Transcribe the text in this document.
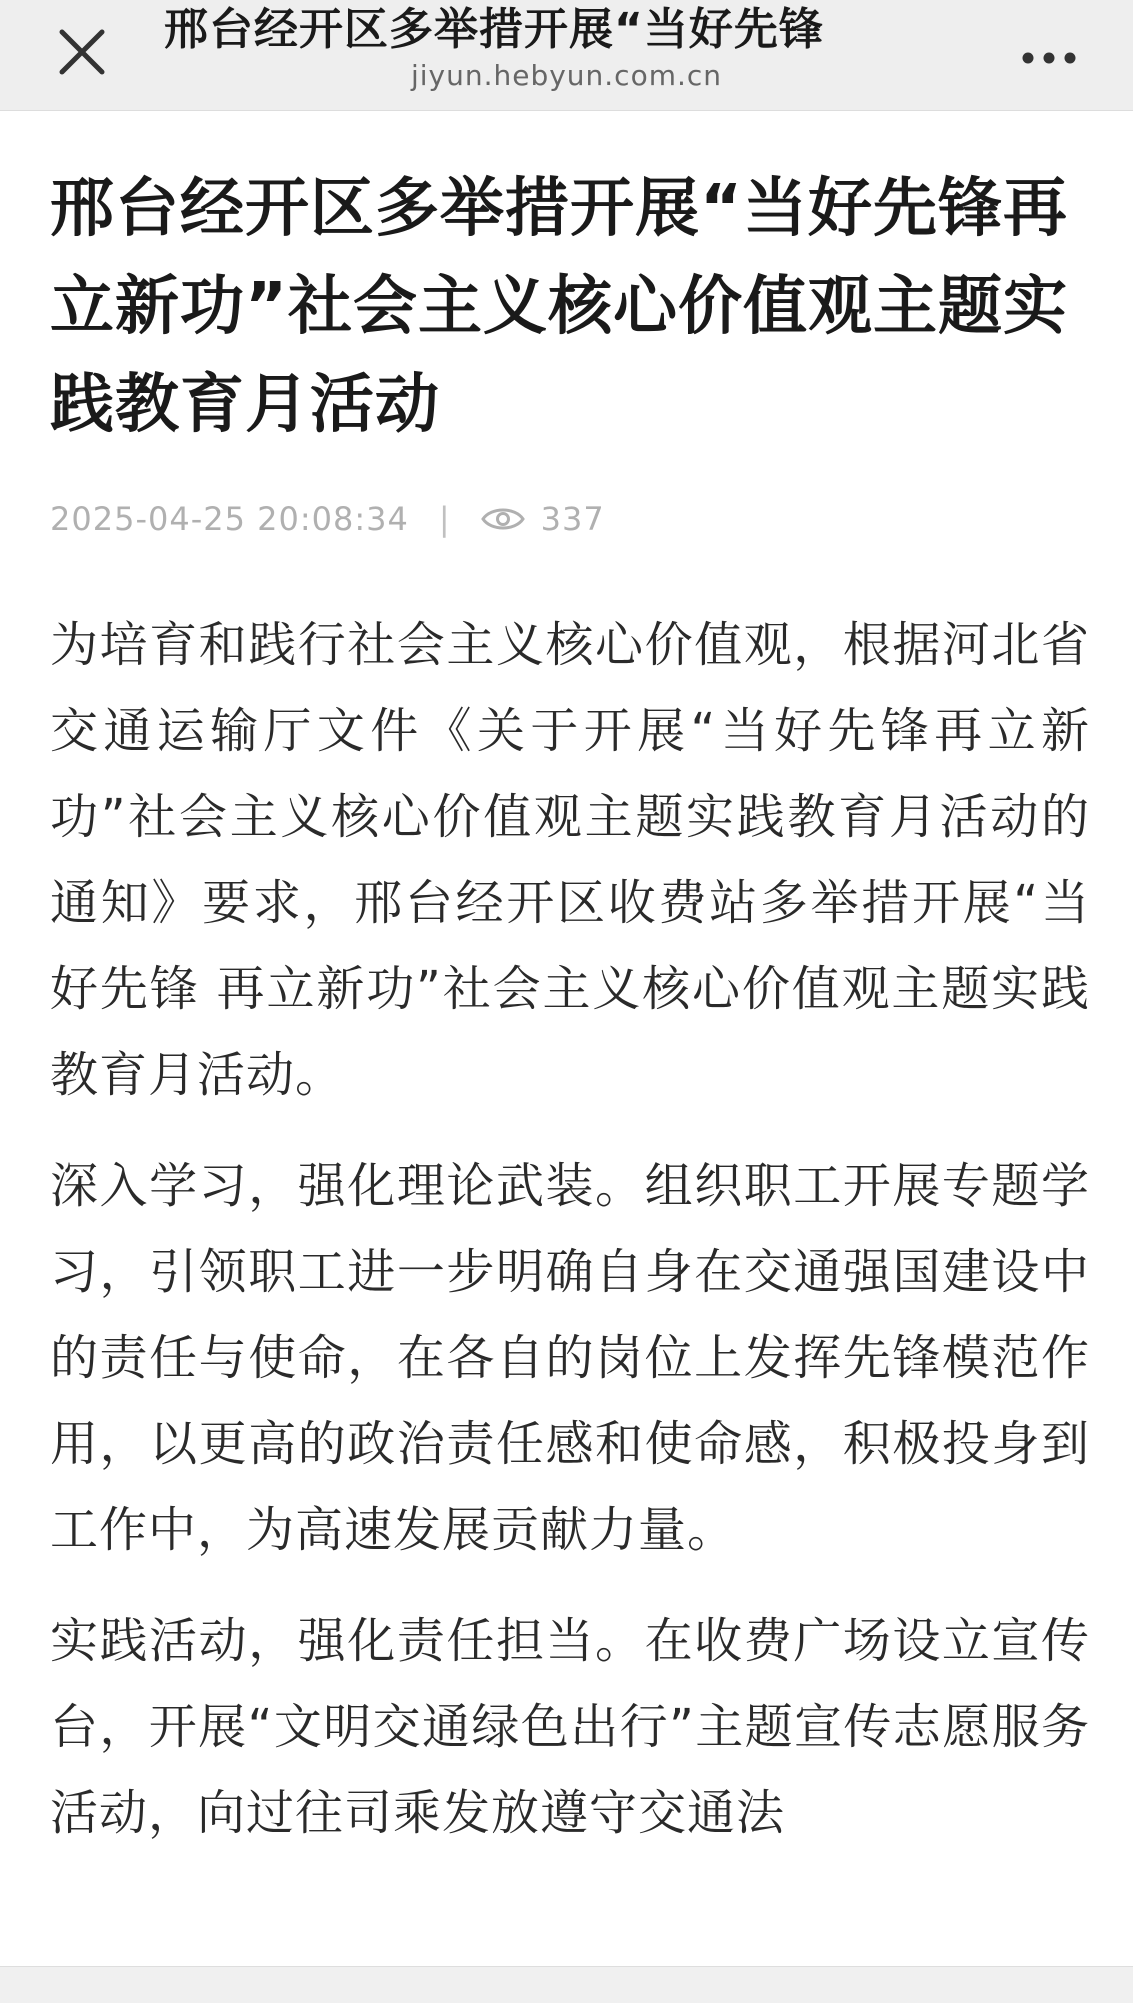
邢台经开区多举措开展“当好先锋
jiyun.hebyun.com.cn
邢台经开区多举措开展“当好先锋再立新功”社会主义核心价值观主题实践教育月活动
2025-04-25 20:08:34 |	337

为培育和践行社会主义核心价值观，根据河北省交通运输厅文件《关于开展“当好先锋再立新功”社会主义核心价值观主题实践教育月活动的通知》要求，邢台经开区收费站多举措开展“当好先锋 再立新功”社会主义核心价值观主题实践教育月活动。

深入学习，强化理论武装。组织职工开展专题学习，引领职工进一步明确自身在交通强国建设中的责任与使命，在各自的岗位上发挥先锋模范作用，以更高的政治责任感和使命感，积极投身到工作中，为高速发展贡献力量。

实践活动，强化责任担当。在收费广场设立宣传台，开展“文明交通绿色出行”主题宣传志愿服务活动，向过往司乘发放遵守交通法
